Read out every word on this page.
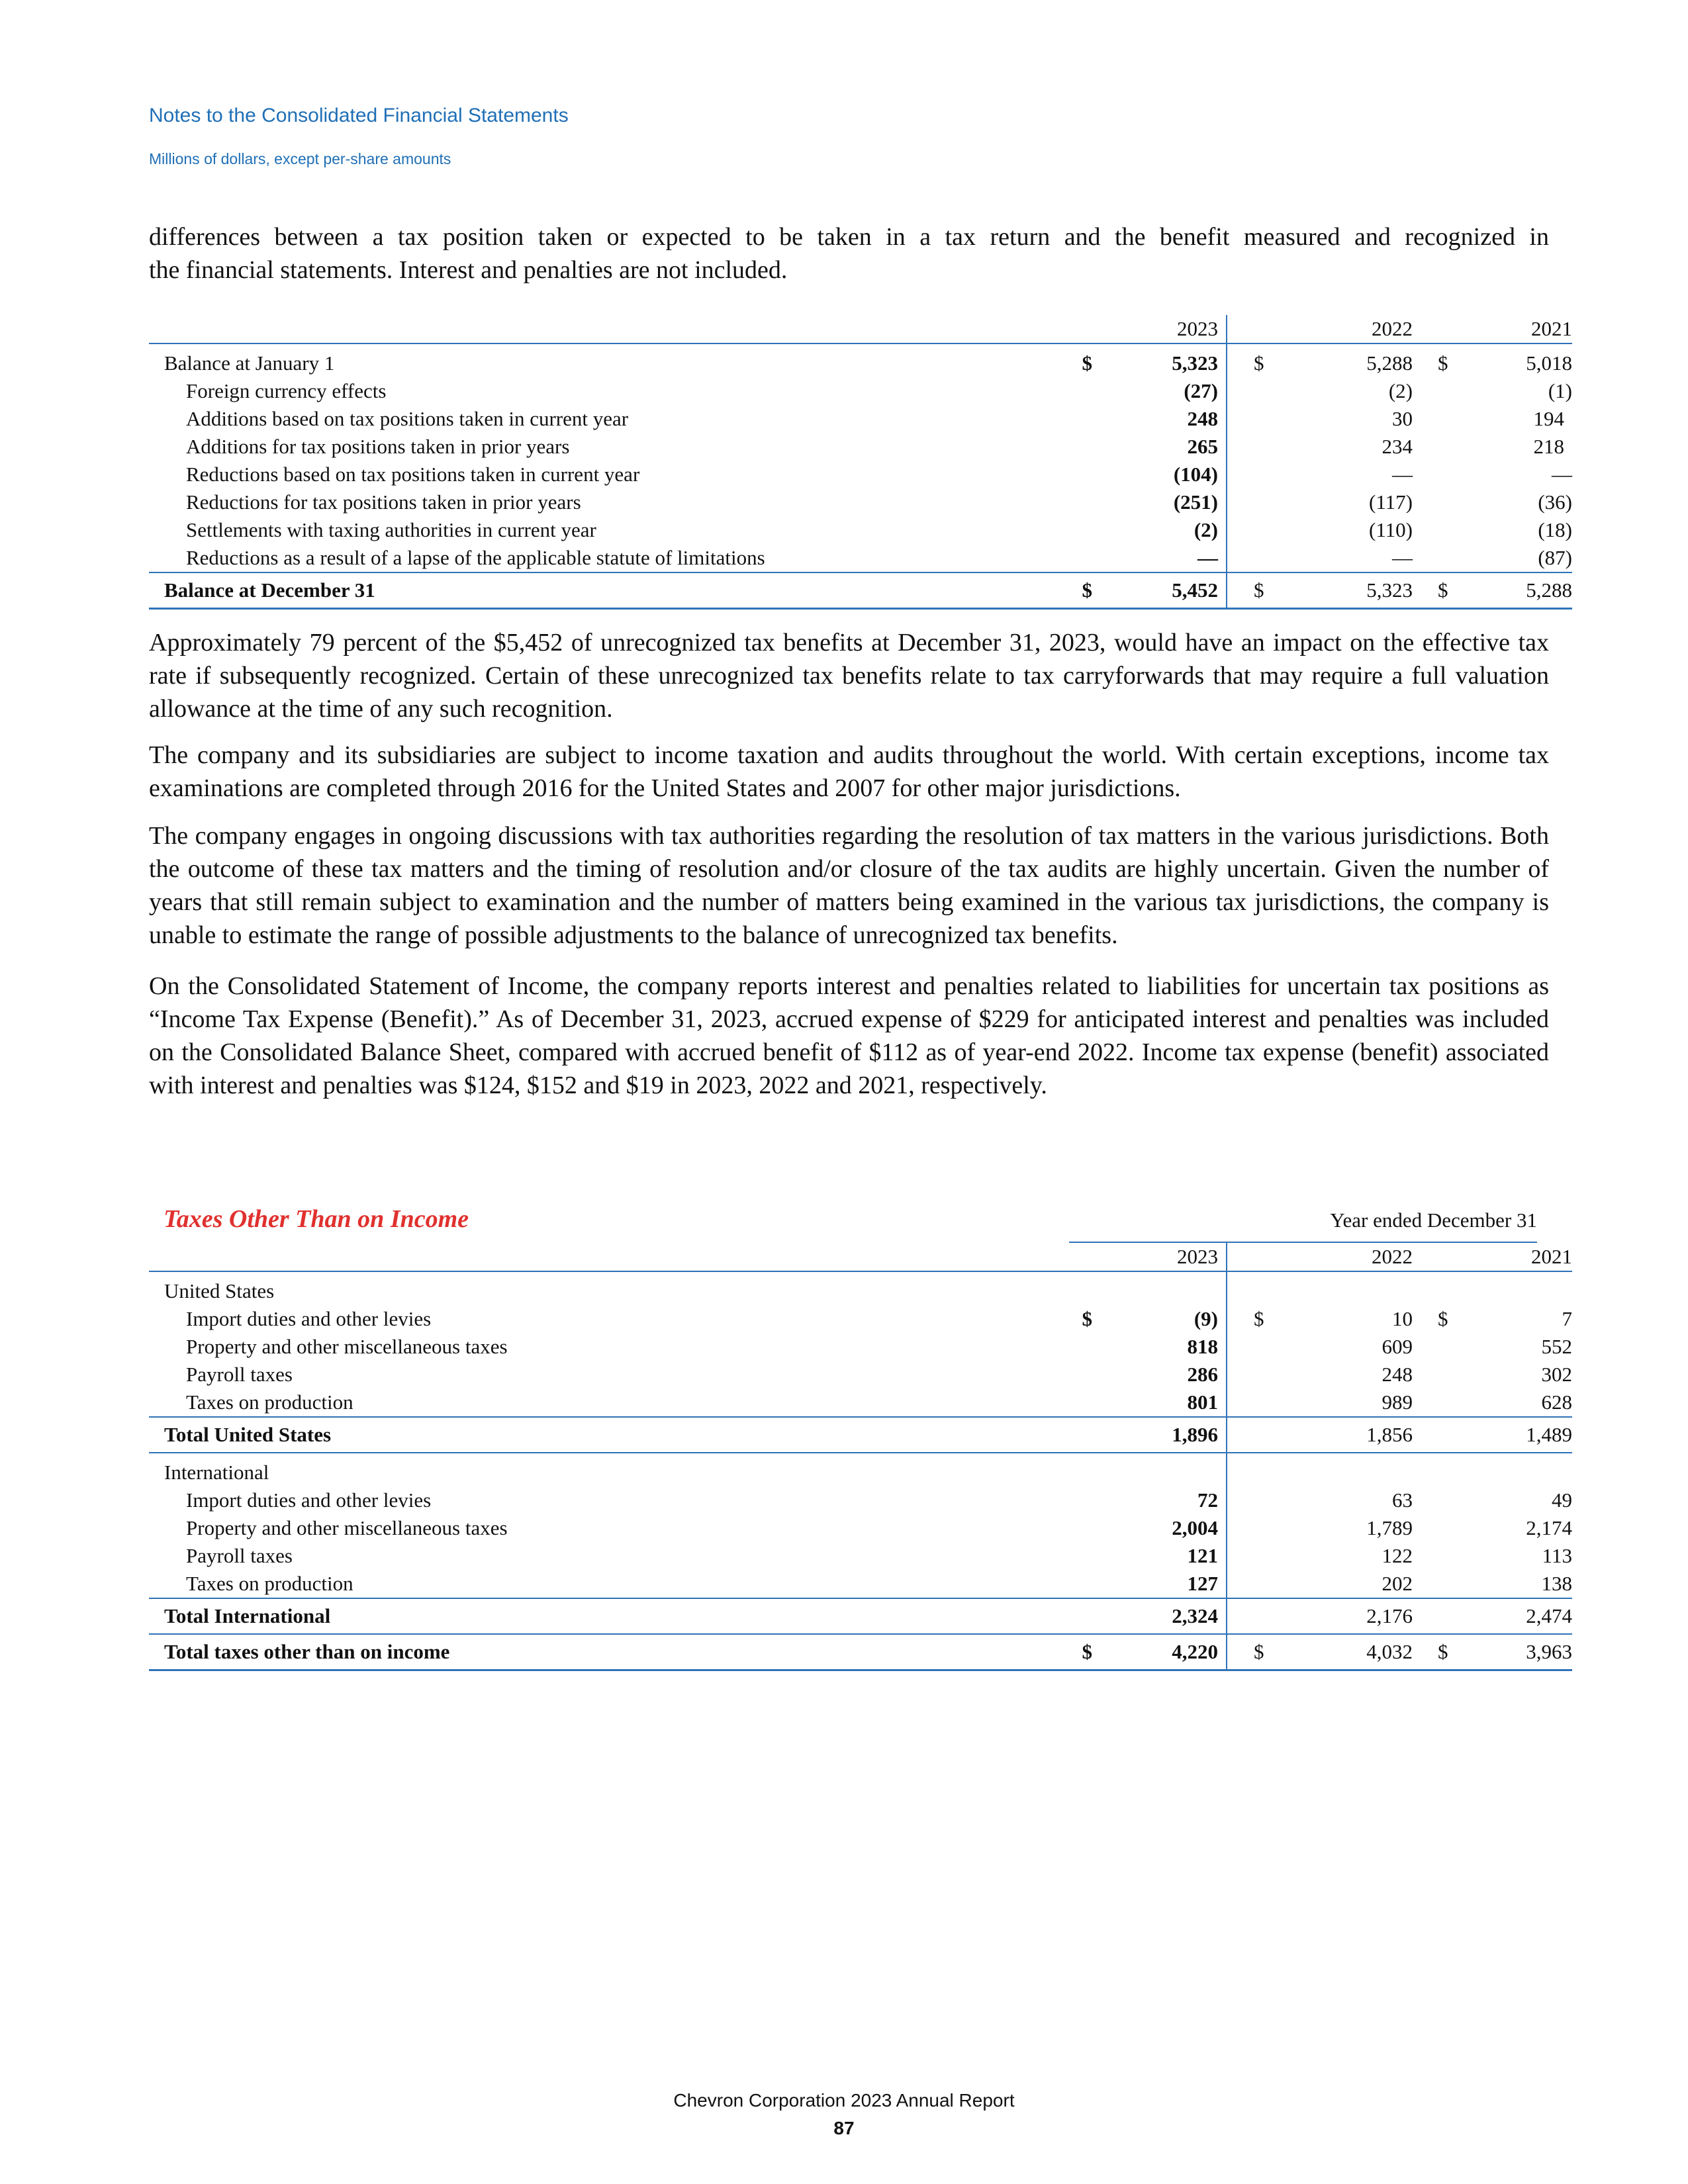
Notes to the Consolidated Financial Statements
Millions of dollars, except per-share amounts
differences between a tax position taken or expected to be taken in a tax return and the benefit measured and recognized in
the financial statements. Interest and penalties are not included.
		2023		2022		2021
Balance at January 1	$	5,323	$	5,288	$	5,018
Foreign currency effects		(27)		(2)		(1)
Additions based on tax positions taken in current year		248		30		194
Additions for tax positions taken in prior years		265		234		218
Reductions based on tax positions taken in current year		(104)		—		—
Reductions for tax positions taken in prior years		(251)		(117)		(36)
Settlements with taxing authorities in current year		(2)		(110)		(18)
Reductions as a result of a lapse of the applicable statute of limitations		—		—		(87)
Balance at December 31	$	5,452	$	5,323	$	5,288
Approximately 79 percent of the $5,452 of unrecognized tax benefits at December 31, 2023, would have an impact on the effective tax rate if subsequently recognized. Certain of these unrecognized tax benefits relate to tax carryforwards that may require a full valuation allowance at the time of any such recognition.
The company and its subsidiaries are subject to income taxation and audits throughout the world. With certain exceptions, income tax examinations are completed through 2016 for the United States and 2007 for other major jurisdictions.
The company engages in ongoing discussions with tax authorities regarding the resolution of tax matters in the various jurisdictions. Both the outcome of these tax matters and the timing of resolution and/or closure of the tax audits are highly uncertain. Given the number of years that still remain subject to examination and the number of matters being examined in the various tax jurisdictions, the company is unable to estimate the range of possible adjustments to the balance of unrecognized tax benefits.
On the Consolidated Statement of Income, the company reports interest and penalties related to liabilities for uncertain tax positions as “Income Tax Expense (Benefit).” As of December 31, 2023, accrued expense of $229 for anticipated interest and penalties was included on the Consolidated Balance Sheet, compared with accrued benefit of $112 as of year-end 2022. Income tax expense (benefit) associated with interest and penalties was $124, $152 and $19 in 2023, 2022 and 2021, respectively.
Taxes Other Than on Income	Year ended December 31
		2023		2022		2021
United States						
Import duties and other levies	$	(9)	$	10	$	7
Property and other miscellaneous taxes		818		609		552
Payroll taxes		286		248		302
Taxes on production		801		989		628
Total United States		1,896		1,856		1,489
International						
Import duties and other levies		72		63		49
Property and other miscellaneous taxes		2,004		1,789		2,174
Payroll taxes		121		122		113
Taxes on production		127		202		138
Total International		2,324		2,176		2,474
Total taxes other than on income	$	4,220	$	4,032	$	3,963
Chevron Corporation 2023 Annual Report
87
